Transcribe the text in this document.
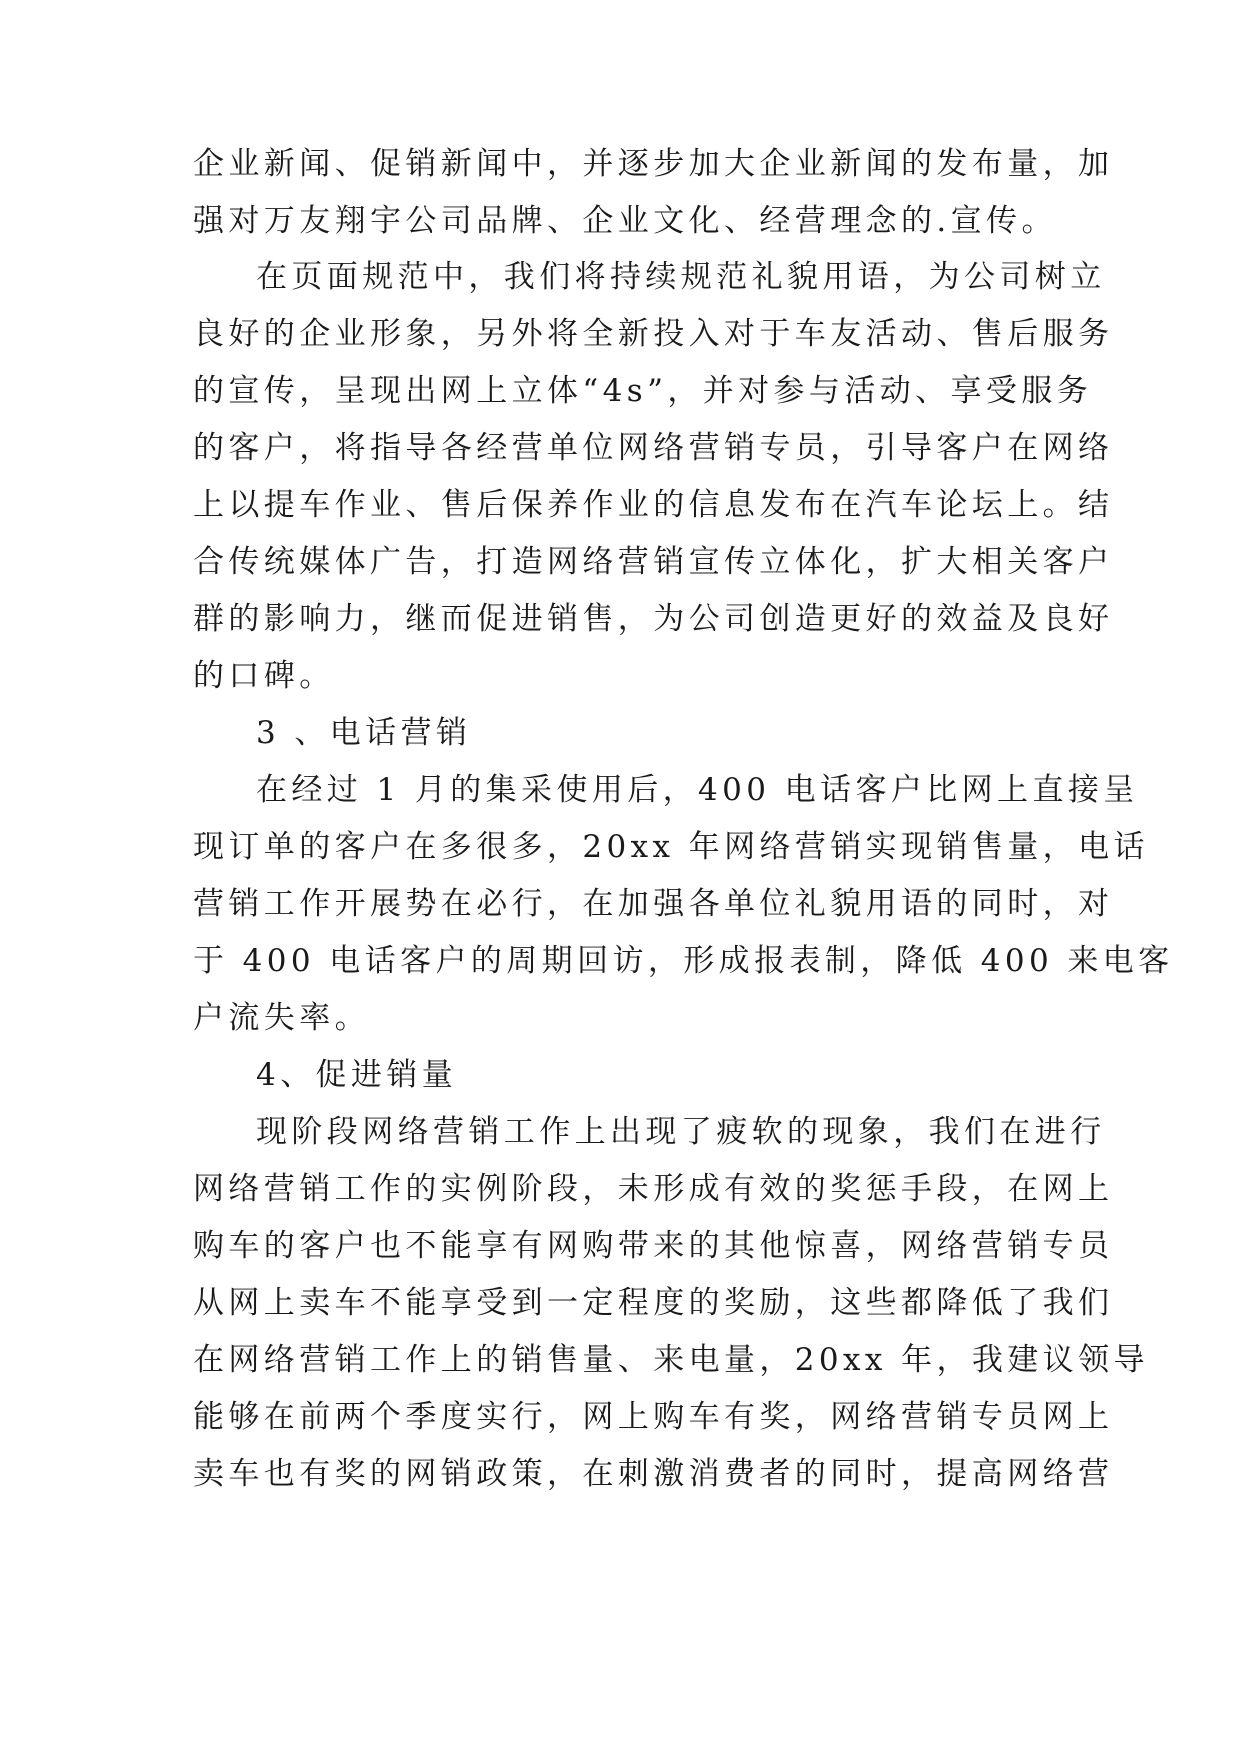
企业新闻、促销新闻中，并逐步加大企业新闻的发布量，加
强对万友翔宇公司品牌、企业文化、经营理念的.宣传。
在页面规范中，我们将持续规范礼貌用语，为公司树立
良好的企业形象，另外将全新投入对于车友活动、售后服务
的宣传，呈现出网上立体“4s”，并对参与活动、享受服务
的客户，将指导各经营单位网络营销专员，引导客户在网络
上以提车作业、售后保养作业的信息发布在汽车论坛上。结
合传统媒体广告，打造网络营销宣传立体化，扩大相关客户
群的影响力，继而促进销售，为公司创造更好的效益及良好
的口碑。
3 、电话营销
在经过 1 月的集采使用后，400 电话客户比网上直接呈
现订单的客户在多很多，20xx 年网络营销实现销售量，电话
营销工作开展势在必行，在加强各单位礼貌用语的同时，对
于 400 电话客户的周期回访，形成报表制，降低 400 来电客
户流失率。
4、促进销量
现阶段网络营销工作上出现了疲软的现象，我们在进行
网络营销工作的实例阶段，未形成有效的奖惩手段，在网上
购车的客户也不能享有网购带来的其他惊喜，网络营销专员
从网上卖车不能享受到一定程度的奖励，这些都降低了我们
在网络营销工作上的销售量、来电量，20xx 年，我建议领导
能够在前两个季度实行，网上购车有奖，网络营销专员网上
卖车也有奖的网销政策，在刺激消费者的同时，提高网络营
